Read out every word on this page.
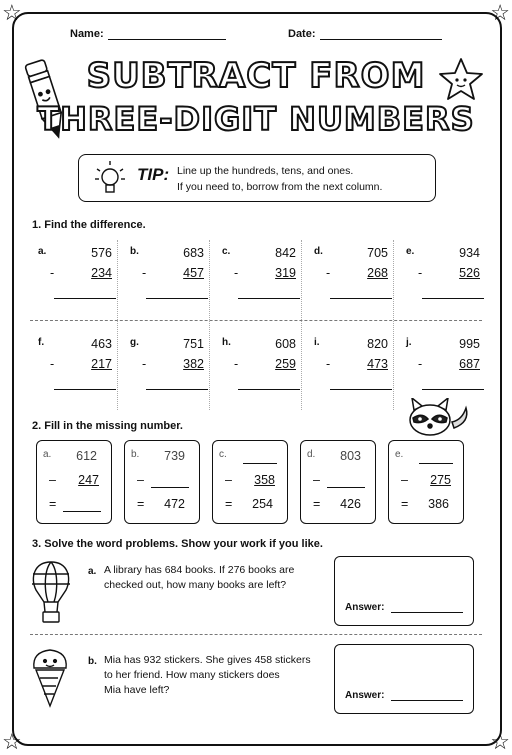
☆	☆
☆	☆
Name:	Date:
SUBTRACT FROM
THREE-DIGIT NUMBERS
TIP: Line up the hundreds, tens, and ones.
If you need to, borrow from the next column.
1. Find the difference.
2. Fill in the missing number.
3. Solve the word problems. Show your work if you like.
a. A library has 684 books. If 276 books are
checked out, how many books are left?
Answer:
b. Mia has 932 stickers. She gives 458 stickers
to her friend. How many stickers does
Mia have left?	Answer:
a.	576
-	234
b.	683
-	457
c.	842
-	319
d.	705
-	268
e.	934
-	526
f.	463
-	217
g.	751
-	382
h.	608
-	259
i.	820
-	473
j.	995
-	687
a. 612
– 247
=
b. 739
–
= 472
c.
– 358
= 254
d. 803
–
= 426
e.
– 275
= 386
